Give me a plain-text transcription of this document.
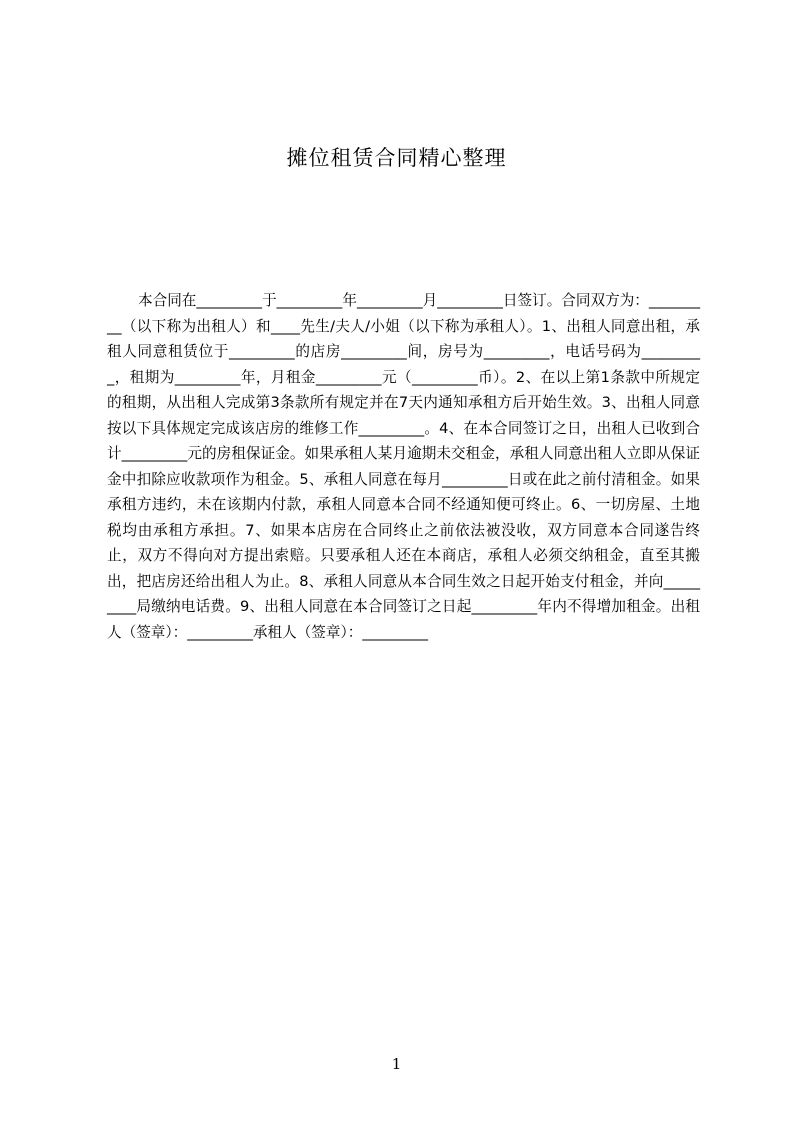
摊位租赁合同精心整理

本合同在_________于_________年_________月_________日签订。合同双方为：_________（以下称为出租人）和____先生/夫人/小姐（以下称为承租人）。1、出租人同意出租，承租人同意租赁位于_________的店房_________间，房号为_________，电话号码为_________，租期为_________年，月租金_________元（_________币）。2、在以上第1条款中所规定的租期，从出租人完成第3条款所有规定并在7天内通知承租方后开始生效。3、出租人同意按以下具体规定完成该店房的维修工作_________。4、在本合同签订之日，出租人已收到合计_________元的房租保证金。如果承租人某月逾期未交租金，承租人同意出租人立即从保证金中扣除应收款项作为租金。5、承租人同意在每月_________日或在此之前付清租金。如果承租方违约，未在该期内付款，承租人同意本合同不经通知便可终止。6、一切房屋、土地税均由承租方承担。7、如果本店房在合同终止之前依法被没收，双方同意本合同遂告终止，双方不得向对方提出索赔。只要承租人还在本商店，承租人必须交纳租金，直至其搬出，把店房还给出租人为止。8、承租人同意从本合同生效之日起开始支付租金，并向_________局缴纳电话费。9、出租人同意在本合同签订之日起_________年内不得增加租金。出租人（签章）：_________承租人（签章）：_________

1
